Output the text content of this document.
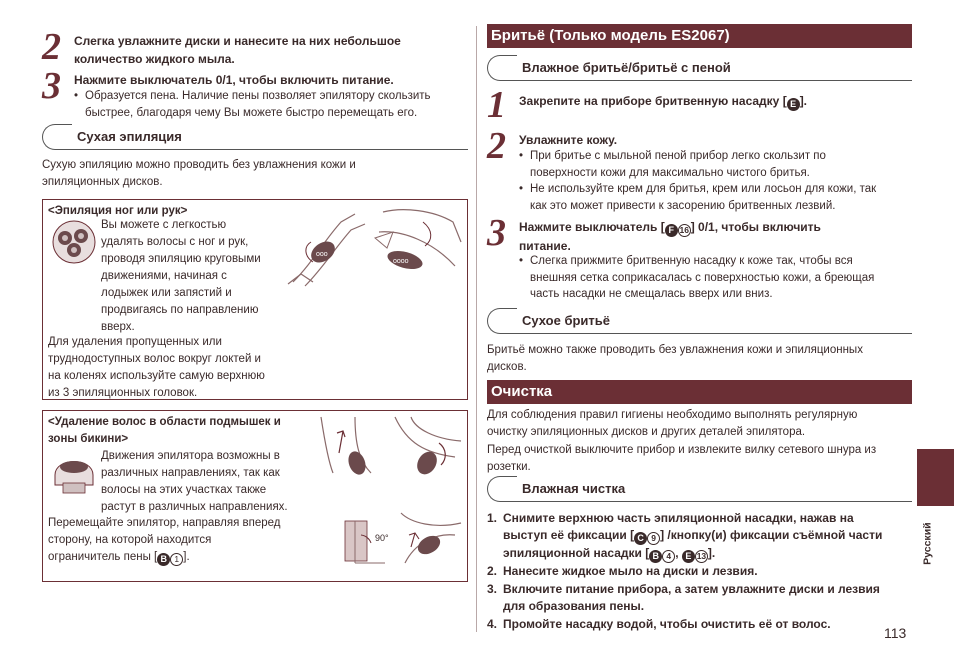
2 Слегка увлажните диски и нанесите на них небольшое
количество жидкого мыла.
3 Нажмите выключатель 0/1, чтобы включить питание.
• Образуется пена. Наличие пены позволяет эпилятору скользить
быстрее, благодаря чему Вы можете быстро перемещать его.
Сухая эпиляция
Сухую эпиляцию можно проводить без увлажнения кожи и
эпиляционных дисков.
<Эпиляция ног или рук>
Вы можете с легкостью
удалять волосы с ног и рук,
проводя эпиляцию круговыми
движениями, начиная с
лодыжек или запястий и
продвигаясь по направлению
вверх.
Для удаления пропущенных или
труднодоступных волос вокруг локтей и
на коленях используйте самую верхнюю
из 3 эпиляционных головок.
ooo
oooo
<Удаление волос в области подмышек и
зоны бикини>
Движения эпилятора возможны в
различных направлениях, так как
волосы на этих участках также
растут в различных направлениях.
Перемещайте эпилятор, направляя вперед
сторону, на которой находится
ограничитель пены [ B 1 ].
90°
Бритьё (Только модель ES2067)
Влажное бритьё/бритьё с пеной
1 Закрепите на приборе бритвенную насадку [ E ].
2 Увлажните кожу.
• При бритье с мыльной пеной прибор легко скользит по
поверхности кожи для максимально чистого бритья.
• Не используйте крем для бритья, крем или лосьон для кожи, так
как это может привести к засорению бритвенных лезвий.
3 Нажмите выключатель [ F 16 ] 0/1, чтобы включить
питание.
• Слегка прижмите бритвенную насадку к коже так, чтобы вся
внешняя сетка соприкасалась с поверхностью кожи, а бреющая
часть насадки не смещалась вверх или вниз.
Сухое бритьё
Бритьё можно также проводить без увлажнения кожи и эпиляционных
дисков.
Очистка
Для соблюдения правил гигиены необходимо выполнять регулярную
очистку эпиляционных дисков и других деталей эпилятора.
Перед очисткой выключите прибор и извлеките вилку сетевого шнура из
розетки.
Влажная чистка
1. Снимите верхнюю часть эпиляционной насадки, нажав на
выступ её фиксации [ C 9 ] /кнопку(и) фиксации съёмной части
эпиляционной насадки [ B 4 , E 13 ].
2. Нанесите жидкое мыло на диски и лезвия.
3. Включите питание прибора, а затем увлажните диски и лезвия
для образования пены.
4. Промойте насадку водой, чтобы очистить её от волос.
113
Русский
